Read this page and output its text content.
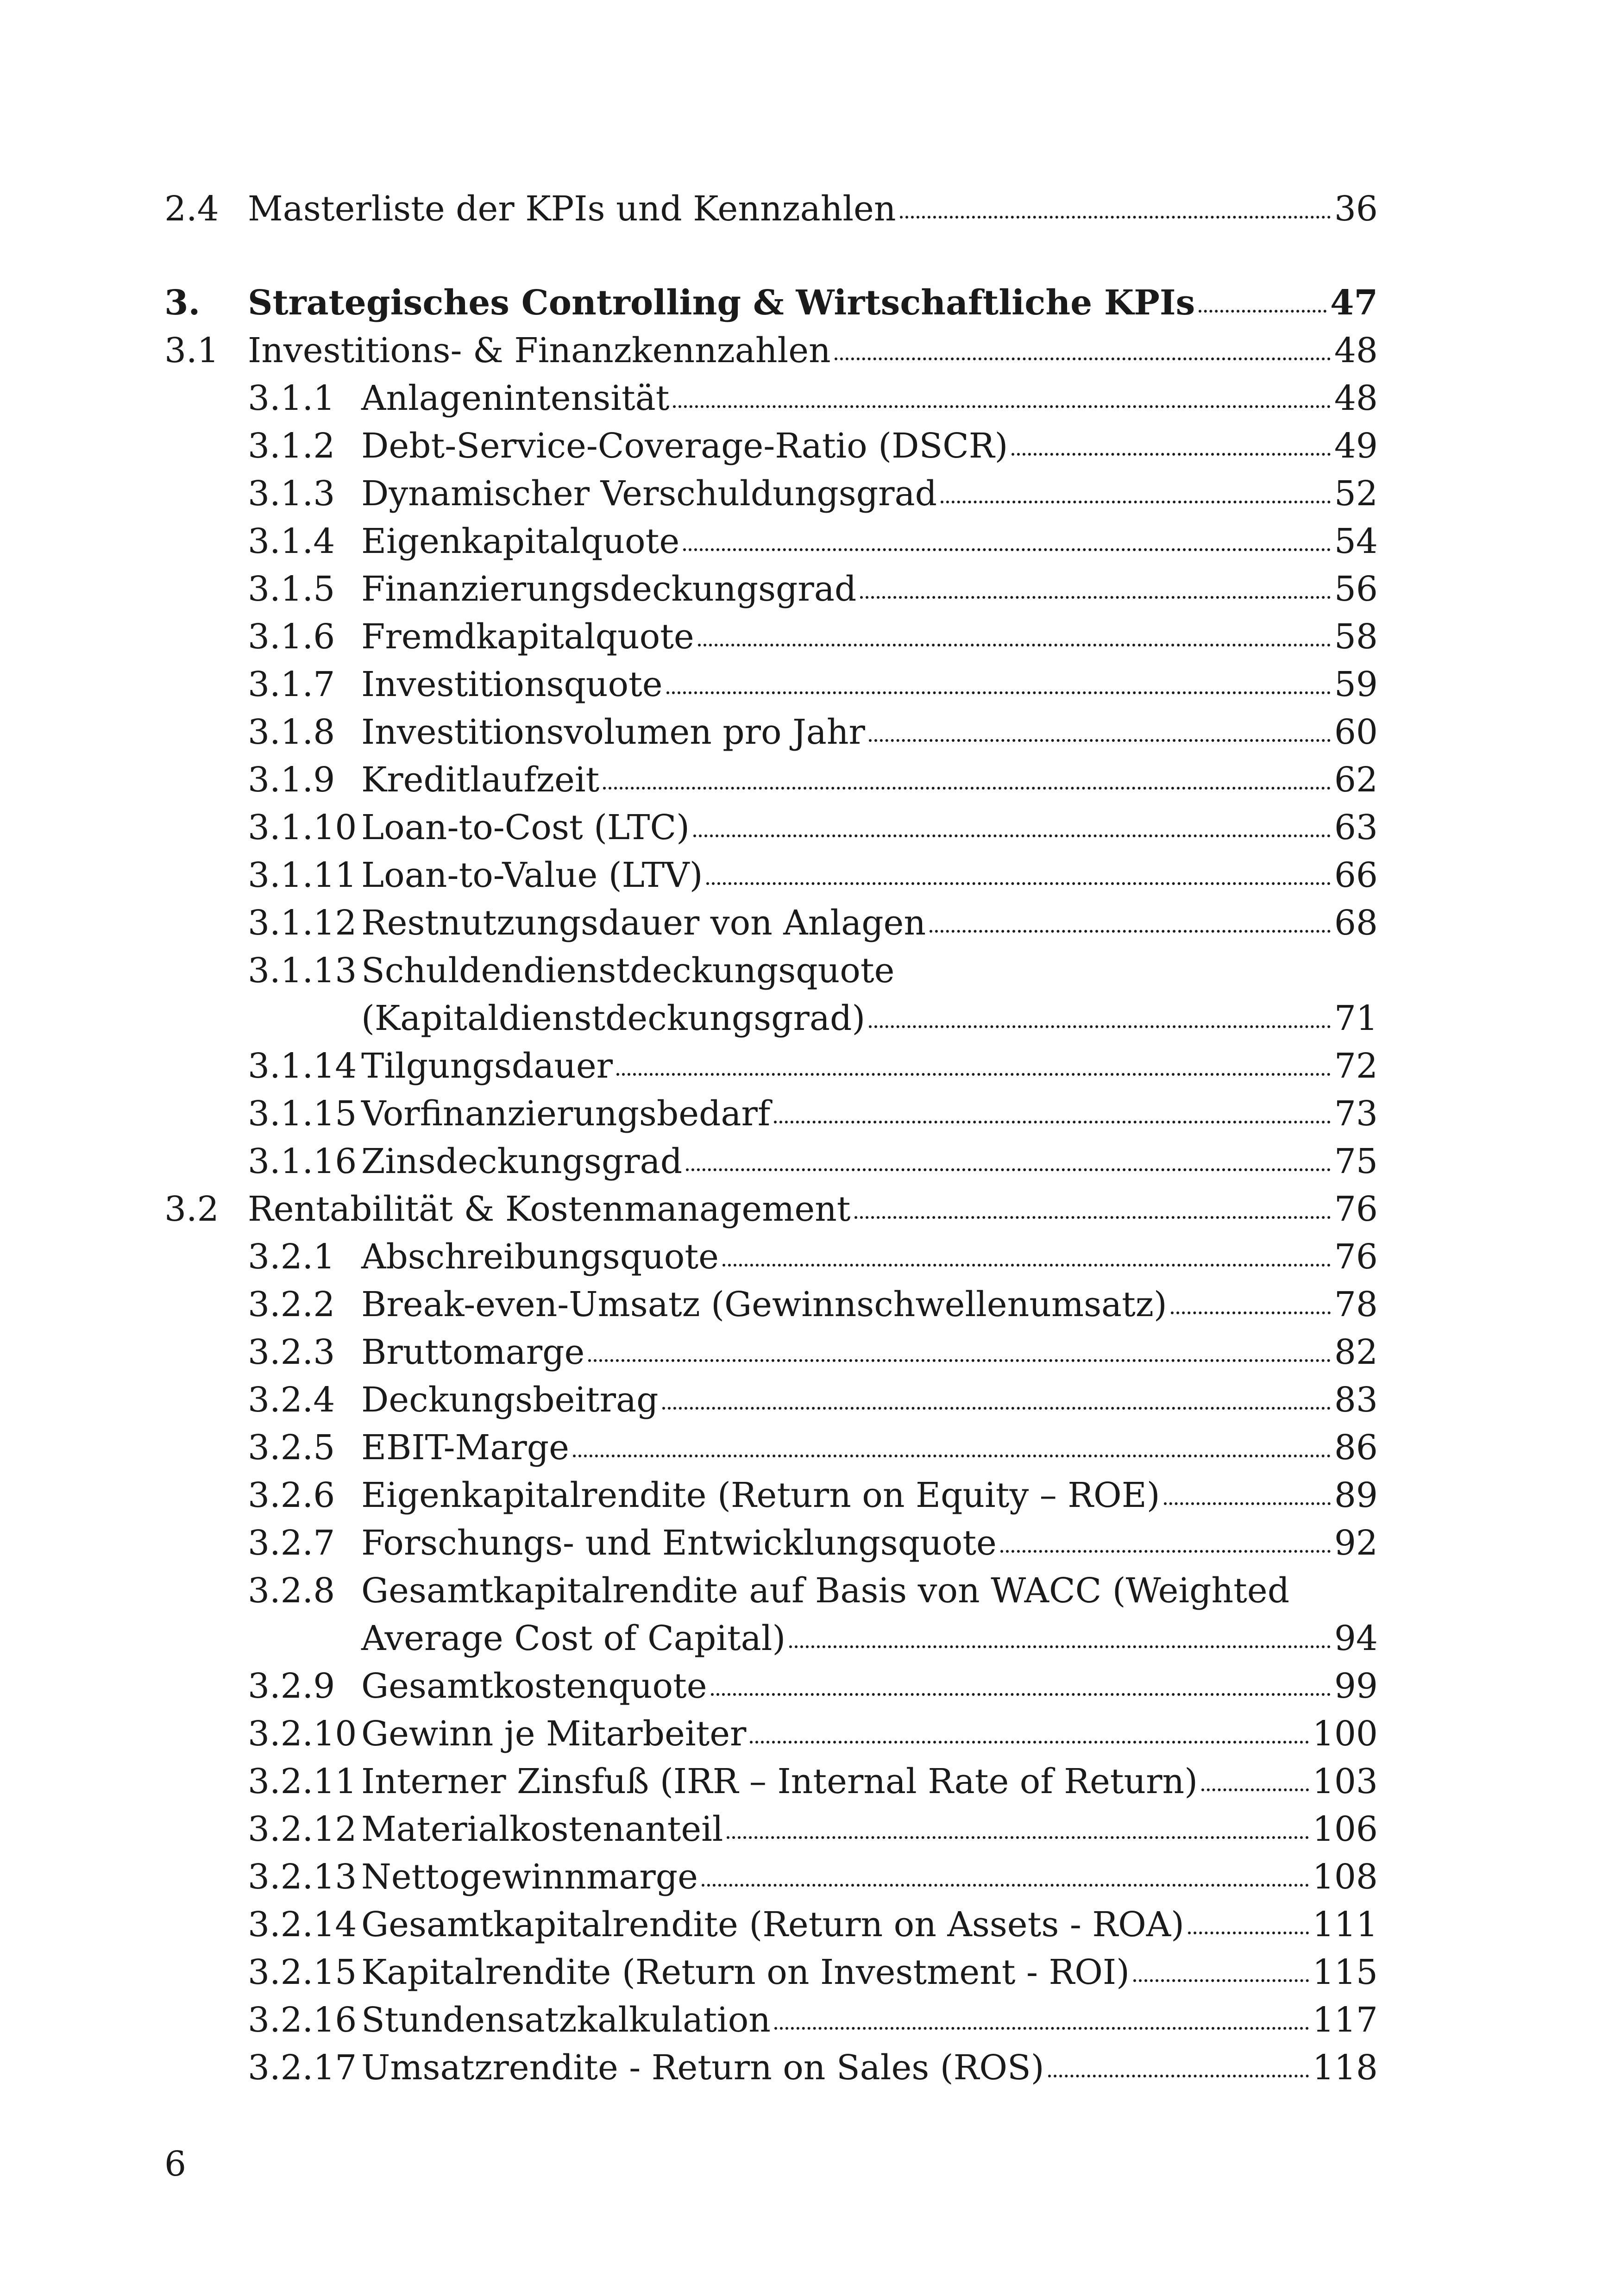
2.4 Masterliste der KPIs und Kennzahlen	36
3.	Strategisches Controlling & Wirtschaftliche KPIs	47
3.1 Investitions- & Finanzkennzahlen	48
3.1.1 Anlagenintensität	48
3.1.2 Debt-Service-Coverage-Ratio (DSCR)	49
3.1.3 Dynamischer Verschuldungsgrad	52
3.1.4 Eigenkapitalquote	54
3.1.5 Finanzierungsdeckungsgrad	56
3.1.6 Fremdkapitalquote	58
3.1.7 Investitionsquote	59
3.1.8 Investitionsvolumen pro Jahr	60
3.1.9 Kreditlaufzeit	62
3.1.10 Loan-to-Cost (LTC)	63
3.1.11 Loan-to-Value (LTV)	66
3.1.12 Restnutzungsdauer von Anlagen	68
3.1.13 Schuldendienstdeckungsquote
(Kapitaldienstdeckungsgrad)	71
3.1.14 Tilgungsdauer	72
3.1.15 Vorfinanzierungsbedarf	73
3.1.16 Zinsdeckungsgrad	75
3.2 Rentabilität & Kostenmanagement	76
3.2.1 Abschreibungsquote	76
3.2.2 Break-even-Umsatz (Gewinnschwellenumsatz)	78
3.2.3 Bruttomarge	82
3.2.4 Deckungsbeitrag	83
3.2.5 EBIT-Marge	86
3.2.6 Eigenkapitalrendite (Return on Equity – ROE)	89
3.2.7 Forschungs- und Entwicklungsquote	92
3.2.8 Gesamtkapitalrendite auf Basis von WACC (Weighted
Average Cost of Capital)	94
3.2.9 Gesamtkostenquote	99
3.2.10 Gewinn je Mitarbeiter	100
3.2.11 Interner Zinsfuß (IRR – Internal Rate of Return)	103
3.2.12 Materialkostenanteil	106
3.2.13 Nettogewinnmarge	108
3.2.14 Gesamtkapitalrendite (Return on Assets - ROA)	111
3.2.15 Kapitalrendite (Return on Investment - ROI)	115
3.2.16 Stundensatzkalkulation	117
3.2.17 Umsatzrendite - Return on Sales (ROS)	118
6
